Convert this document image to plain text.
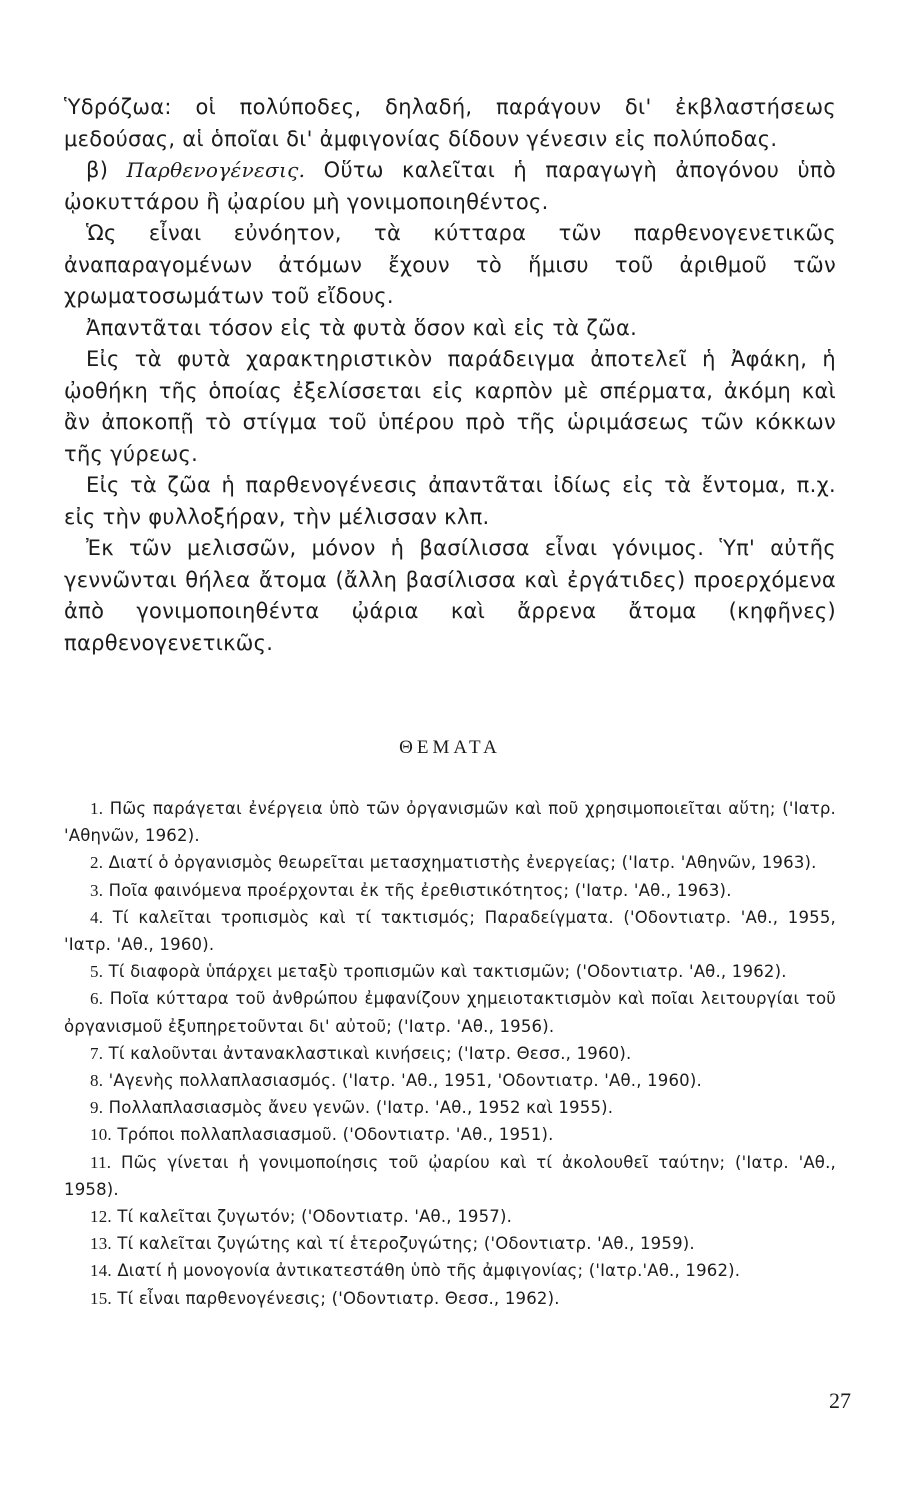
Ὑδρόζωα: οἱ πολύποδες, δηλαδή, παράγουν δι' ἐκβλαστήσεως μεδούσας, αἱ ὁποῖαι δι' ἀμφιγονίας δίδουν γένεσιν εἰς πολύποδας.

β) Παρθενογένεσις. Οὕτω καλεῖται ἡ παραγωγὴ ἀπογόνου ὑπὸ ᾠοκυττάρου ἢ ᾠαρίου μὴ γονιμοποιηθέντος.

Ὡς εἶναι εὐνόητον, τὰ κύτταρα τῶν παρθενογενετικῶς ἀναπαραγομένων ἀτόμων ἔχουν τὸ ἥμισυ τοῦ ἀριθμοῦ τῶν χρωματοσωμάτων τοῦ εἴδους.

Ἀπαντᾶται τόσον εἰς τὰ φυτὰ ὅσον καὶ εἰς τὰ ζῶα.

Εἰς τὰ φυτὰ χαρακτηριστικὸν παράδειγμα ἀποτελεῖ ἡ Ἀφάκη, ἡ ᾠοθήκη τῆς ὁποίας ἐξελίσσεται εἰς καρπὸν μὲ σπέρματα, ἀκόμη καὶ ἂν ἀποκοπῇ τὸ στίγμα τοῦ ὑπέρου πρὸ τῆς ὡριμάσεως τῶν κόκκων τῆς γύρεως.

Εἰς τὰ ζῶα ἡ παρθενογένεσις ἀπαντᾶται ἰδίως εἰς τὰ ἔντομα, π.χ. εἰς τὴν φυλλοξήραν, τὴν μέλισσαν κλπ.

Ἐκ τῶν μελισσῶν, μόνον ἡ βασίλισσα εἶναι γόνιμος. Ὑπ' αὐτῆς γεννῶνται θήλεα ἄτομα (ἄλλη βασίλισσα καὶ ἐργάτιδες) προερχόμενα ἀπὸ γονιμοποιηθέντα ᾠάρια καὶ ἄρρενα ἄτομα (κηφῆνες) παρθενογενετικῶς.

ΘΕΜΑΤΑ

1. Πῶς παράγεται ἐνέργεια ὑπὸ τῶν ὀργανισμῶν καὶ ποῦ χρησιμοποιεῖται αὕτη; ('Ιατρ. 'Αθηνῶν, 1962).

2. Διατί ὁ ὀργανισμὸς θεωρεῖται μετασχηματιστὴς ἐνεργείας; ('Ιατρ. 'Αθηνῶν, 1963).

3. Ποῖα φαινόμενα προέρχονται ἐκ τῆς ἐρεθιστικότητος; ('Ιατρ. 'Αθ., 1963).

4. Τί καλεῖται τροπισμὸς καὶ τί τακτισμός; Παραδείγματα. ('Οδοντιατρ. 'Αθ., 1955, 'Ιατρ. 'Αθ., 1960).

5. Τί διαφορὰ ὑπάρχει μεταξὺ τροπισμῶν καὶ τακτισμῶν; ('Οδοντιατρ. 'Αθ., 1962).

6. Ποῖα κύτταρα τοῦ ἀνθρώπου ἐμφανίζουν χημειοτακτισμὸν καὶ ποῖαι λειτουργίαι τοῦ ὀργανισμοῦ ἐξυπηρετοῦνται δι' αὐτοῦ; ('Ιατρ. 'Αθ., 1956).

7. Τί καλοῦνται ἀντανακλαστικαὶ κινήσεις; ('Ιατρ. Θεσσ., 1960).

8. 'Αγενὴς πολλαπλασιασμός. ('Ιατρ. 'Αθ., 1951, 'Οδοντιατρ. 'Αθ., 1960).

9. Πολλαπλασιασμὸς ἄνευ γενῶν. ('Ιατρ. 'Αθ., 1952 καὶ 1955).

10. Τρόποι πολλαπλασιασμοῦ. ('Οδοντιατρ. 'Αθ., 1951).

11. Πῶς γίνεται ἡ γονιμοποίησις τοῦ ᾠαρίου καὶ τί ἀκολουθεῖ ταύτην; ('Ιατρ. 'Αθ., 1958).

12. Τί καλεῖται ζυγωτόν; ('Οδοντιατρ. 'Αθ., 1957).

13. Τί καλεῖται ζυγώτης καὶ τί ἑτεροζυγώτης; ('Οδοντιατρ. 'Αθ., 1959).

14. Διατί ἡ μονογονία ἀντικατεστάθη ὑπὸ τῆς ἀμφιγονίας; ('Ιατρ.'Αθ., 1962).

15. Τί εἶναι παρθενογένεσις; ('Οδοντιατρ. Θεσσ., 1962).

27
